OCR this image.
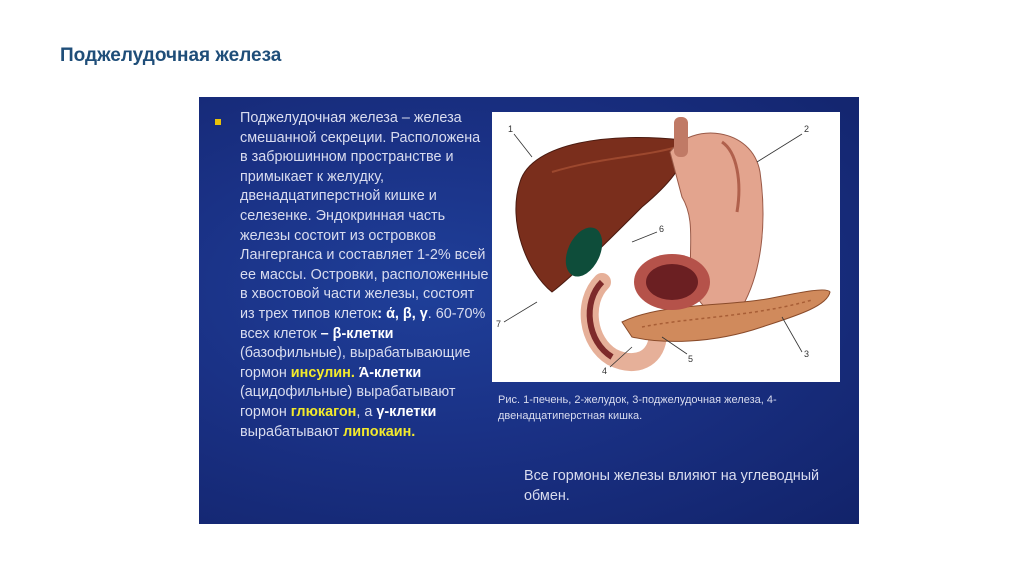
Поджелудочная железа
Поджелудочная железа – железа смешанной секреции. Расположена в забрюшинном пространстве и примыкает к желудку, двенадцатиперстной кишке и селезенке. Эндокринная часть железы состоит из островков Лангерганса и составляет 1-2% всей ее массы. Островки, расположенные в хвостовой части железы, состоят из трех типов клеток: ά, β, γ. 60-70% всех клеток – β-клетки (базофильные), вырабатывающие гормон инсулин. Ά-клетки (ацидофильные) вырабатывают гормон глюкагон, а γ-клетки вырабатывают липокаин.
1	2
3
4
5
6
7
Рис. 1-печень, 2-желудок, 3-поджелудочная железа, 4-двенадцатиперстная кишка.
Все гормоны железы влияют на углеводный обмен.
